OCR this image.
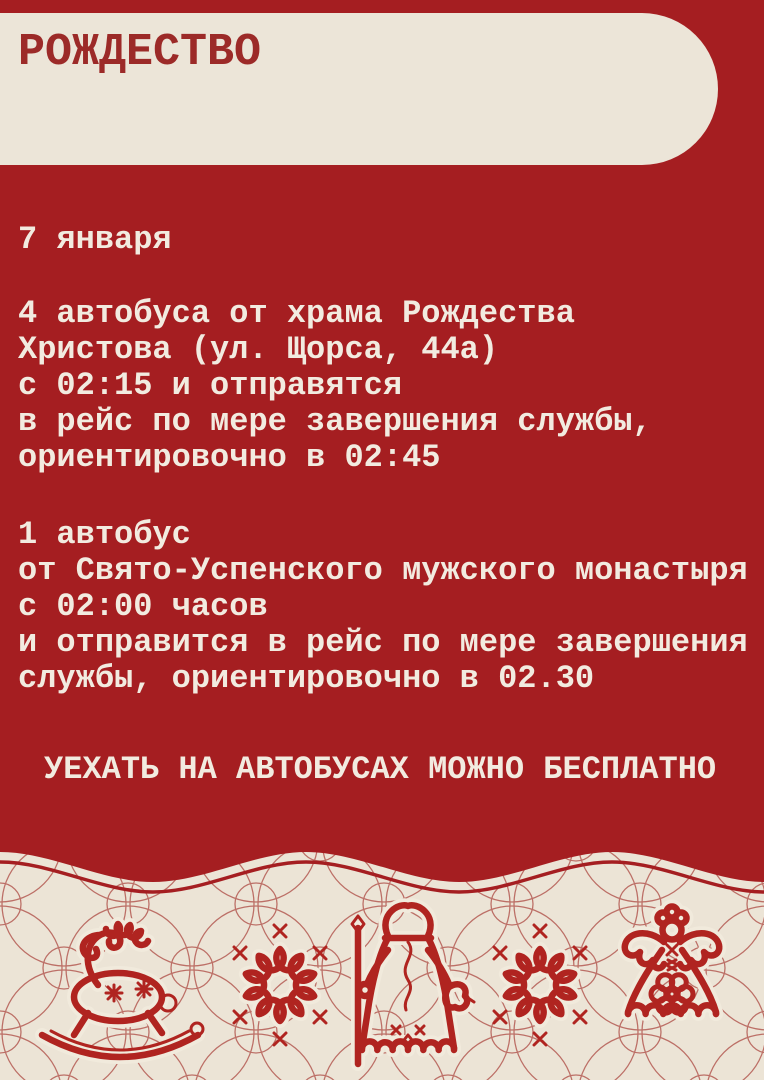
РОЖДЕСТВО
7 января
4 автобуса от храма Рождества
Христова (ул. Щорса, 44а)
с 02:15 и отправятся
в рейс по мере завершения службы,
ориентировочно в 02:45
1 автобус
от Свято-Успенского мужского монастыря
с 02:00 часов
и отправится в рейс по мере завершения
службы, ориентировочно в 02.30
УЕХАТЬ НА АВТОБУСАХ МОЖНО БЕСПЛАТНО
